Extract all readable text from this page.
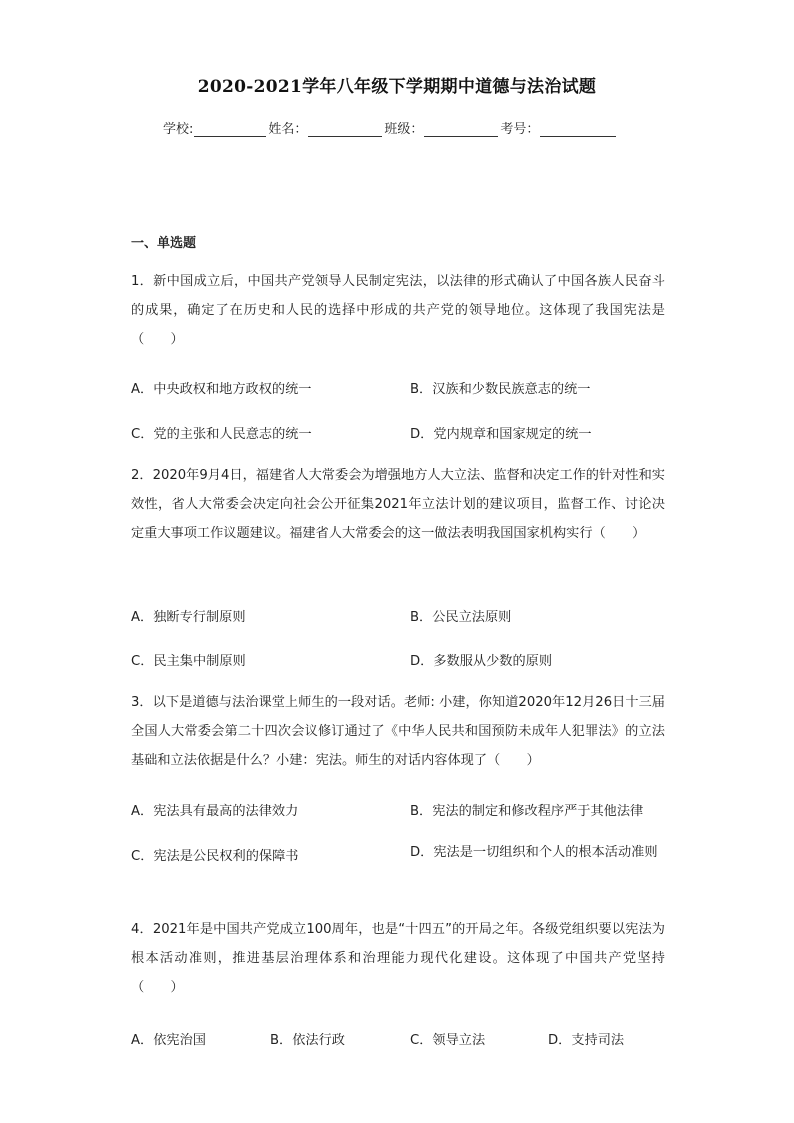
2020-2021学年八年级下学期期中道德与法治试题
学校:	姓名：	班级：	考号：
一、单选题
1．新中国成立后，中国共产党领导人民制定宪法，以法律的形式确认了中国各族人民奋斗的成果，确定了在历史和人民的选择中形成的共产党的领导地位。这体现了我国宪法是（　　）
A．中央政权和地方政权的统一	B．汉族和少数民族意志的统一
C．党的主张和人民意志的统一	D．党内规章和国家规定的统一
2．2020年9月4日，福建省人大常委会为增强地方人大立法、监督和决定工作的针对性和实效性，省人大常委会决定向社会公开征集2021年立法计划的建议项目，监督工作、讨论决定重大事项工作议题建议。福建省人大常委会的这一做法表明我国国家机构实行（　　）
A．独断专行制原则	B．公民立法原则
C．民主集中制原则	D．多数服从少数的原则
3．以下是道德与法治课堂上师生的一段对话。老师: 小建，你知道2020年12月26日十三届全国人大常委会第二十四次会议修订通过了《中华人民共和国预防未成年人犯罪法》的立法基础和立法依据是什么？小建：宪法。师生的对话内容体现了（　　）
A．宪法具有最高的法律效力	B．宪法的制定和修改程序严于其他法律
C．宪法是公民权利的保障书	D．宪法是一切组织和个人的根本活动准则
4．2021年是中国共产党成立100周年，也是“十四五”的开局之年。各级党组织要以宪法为根本活动准则，推进基层治理体系和治理能力现代化建设。这体现了中国共产党坚持（　　）
A．依宪治国	B．依法行政	C．领导立法	D．支持司法
